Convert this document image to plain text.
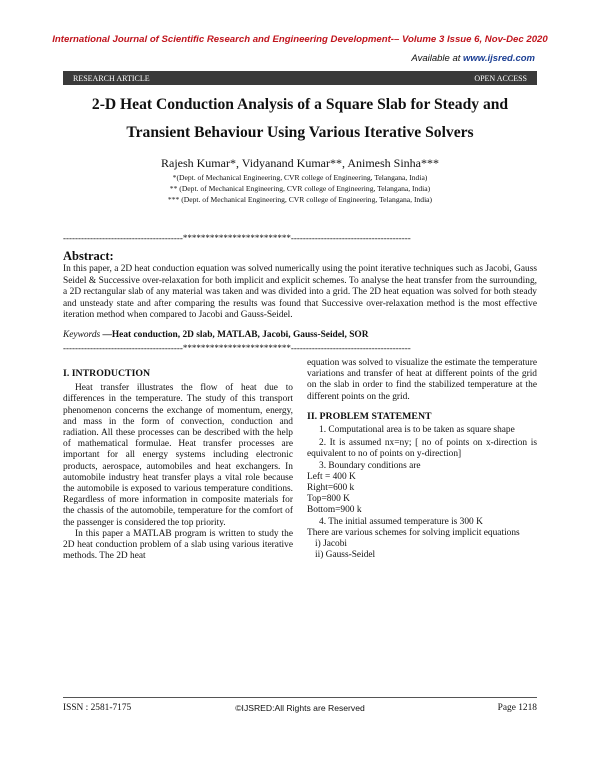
International Journal of Scientific Research and Engineering Development-– Volume 3 Issue 6, Nov-Dec 2020
Available at www.ijsred.com
RESEARCH ARTICLE	OPEN ACCESS
2-D Heat Conduction Analysis of a Square Slab for Steady and
Transient Behaviour Using Various Iterative Solvers
Rajesh Kumar*, Vidyanand Kumar**, Animesh Sinha***
*(Dept. of Mechanical Engineering, CVR college of Engineering, Telangana, India)
** (Dept. of Mechanical Engineering, CVR college of Engineering, Telangana, India)
*** (Dept. of Mechanical Engineering, CVR college of Engineering, Telangana, India)
----------------------------------------************************----------------------------------------
Abstract:
In this paper, a 2D heat conduction equation was solved numerically using the point iterative techniques such as Jacobi, Gauss Seidel & Successive over-relaxation for both implicit and explicit schemes. To analyse the heat transfer from the surrounding, a 2D rectangular slab of any material was taken and was divided into a grid. The 2D heat equation was solved for both steady and unsteady state and after comparing the results was found that Successive over-relaxation method is the most effective iteration method when compared to Jacobi and Gauss-Seidel.
Keywords —Heat conduction, 2D slab, MATLAB, Jacobi, Gauss-Seidel, SOR
----------------------------------------************************----------------------------------------
I. INTRODUCTION

Heat transfer illustrates the flow of heat due to differences in the temperature. The study of this transport phenomenon concerns the exchange of momentum, energy, and mass in the form of convection, conduction and radiation. All these processes can be described with the help of mathematical formulae. Heat transfer processes are important for all energy systems including electronic products, aerospace, automobiles and heat exchangers. In automobile industry heat transfer plays a vital role because the automobile is exposed to various temperature conditions. Regardless of more information in composite materials for the chassis of the automobile, temperature for the comfort of the passenger is considered the top priority.

In this paper a MATLAB program is written to study the 2D heat conduction problem of a slab using various iterative methods. The 2D heat

equation was solved to visualize the estimate the temperature variations and transfer of heat at different points of the grid on the slab in order to find the stabilized temperature at the different points on the grid.

II. PROBLEM STATEMENT
1. Computational area is to be taken as square shape
2. It is assumed nx=ny; [ no of points on x-direction is equivalent to no of points on y-direction]
3. Boundary conditions are
Left = 400 K
Right=600 k
Top=800 K
Bottom=900 k
4. The initial assumed temperature is 300 K
There are various schemes for solving implicit equations
i) Jacobi
ii) Gauss-Seidel
ISSN : 2581-7175	©IJSRED:All Rights are Reserved	Page 1218
